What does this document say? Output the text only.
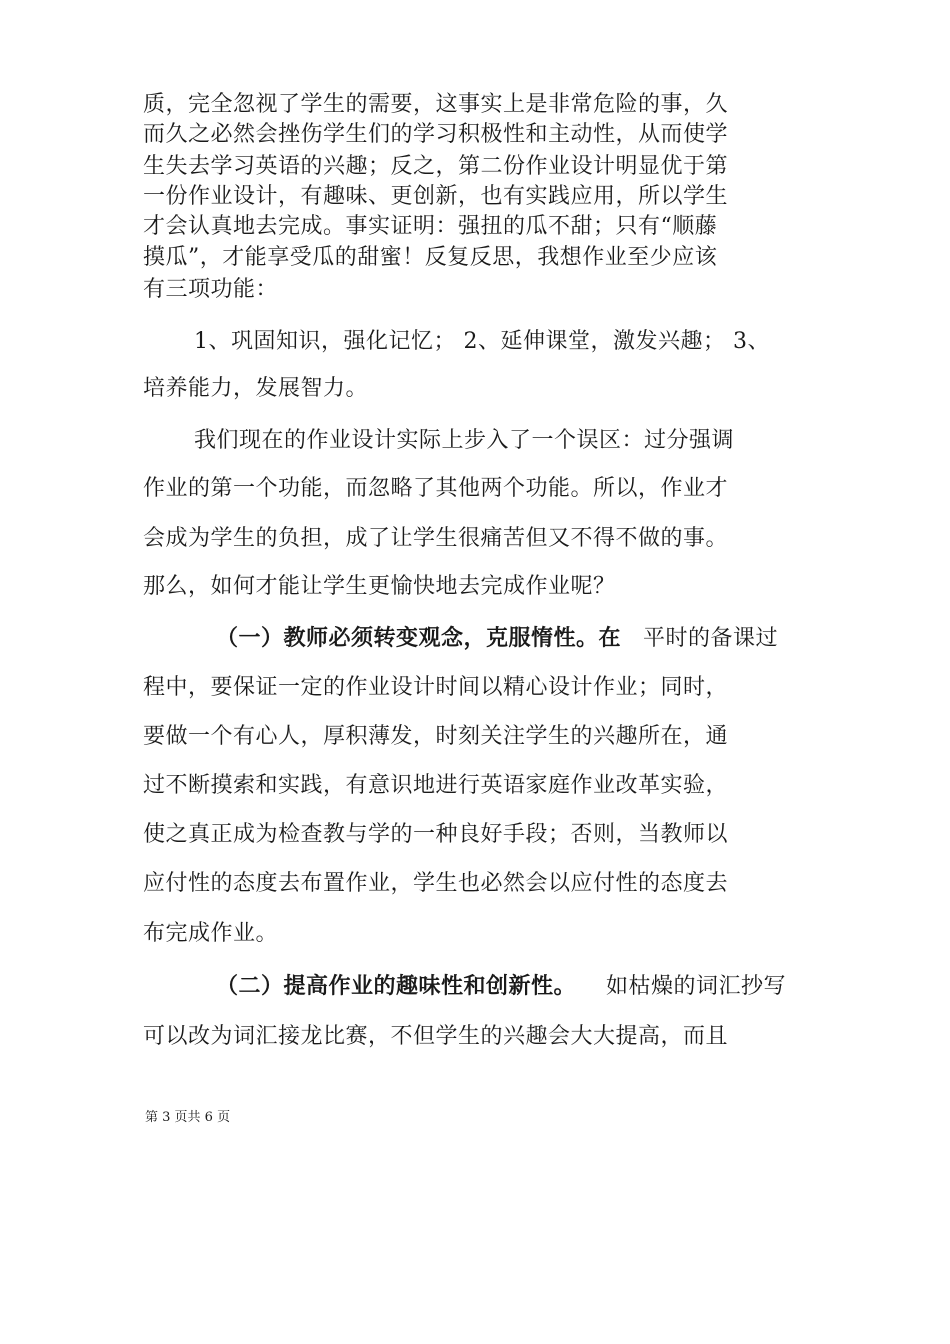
质，完全忽视了学生的需要，这事实上是非常危险的事，久
而久之必然会挫伤学生们的学习积极性和主动性，从而使学
生失去学习英语的兴趣；反之，第二份作业设计明显优于第
一份作业设计，有趣味、更创新，也有实践应用，所以学生
才会认真地去完成。事实证明：强扭的瓜不甜；只有“顺藤
摸瓜”，才能享受瓜的甜蜜！反复反思，我想作业至少应该
有三项功能：
1、巩固知识，强化记忆； 2、延伸课堂，激发兴趣； 3、
培养能力，发展智力。
我们现在的作业设计实际上步入了一个误区：过分强调
作业的第一个功能，而忽略了其他两个功能。所以，作业才
会成为学生的负担，成了让学生很痛苦但又不得不做的事。
那么，如何才能让学生更愉快地去完成作业呢？
（一）教师必须转变观念，克服惰性。在 平时的备课过
程中，要保证一定的作业设计时间以精心设计作业；同时，
要做一个有心人，厚积薄发，时刻关注学生的兴趣所在，通
过不断摸索和实践，有意识地进行英语家庭作业改革实验，
使之真正成为检查教与学的一种良好手段；否则，当教师以
应付性的态度去布置作业，学生也必然会以应付性的态度去
布完成作业。
（二）提高作业的趣味性和创新性。 如枯燥的词汇抄写
可以改为词汇接龙比赛，不但学生的兴趣会大大提高，而且
第 3 页共 6 页
